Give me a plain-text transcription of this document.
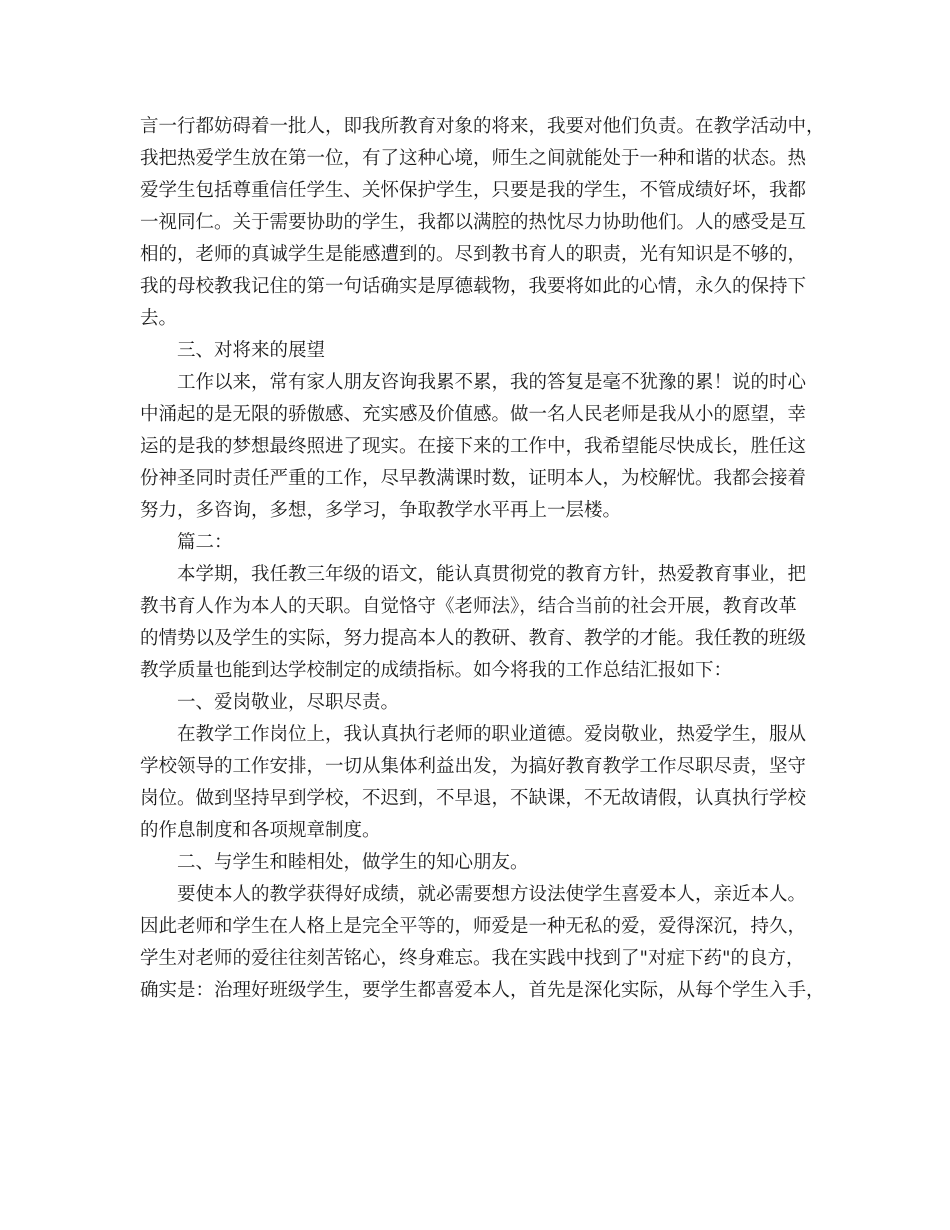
言一行都妨碍着一批人，即我所教育对象的将来，我要对他们负责。在教学活动中，
我把热爱学生放在第一位，有了这种心境，师生之间就能处于一种和谐的状态。热
爱学生包括尊重信任学生、关怀保护学生，只要是我的学生，不管成绩好坏，我都
一视同仁。关于需要协助的学生，我都以满腔的热忱尽力协助他们。人的感受是互
相的，老师的真诚学生是能感遭到的。尽到教书育人的职责，光有知识是不够的，
我的母校教我记住的第一句话确实是厚德载物，我要将如此的心情，永久的保持下
去。
三、对将来的展望
工作以来，常有家人朋友咨询我累不累，我的答复是毫不犹豫的累！说的时心
中涌起的是无限的骄傲感、充实感及价值感。做一名人民老师是我从小的愿望，幸
运的是我的梦想最终照进了现实。在接下来的工作中，我希望能尽快成长，胜任这
份神圣同时责任严重的工作，尽早教满课时数，证明本人，为校解忧。我都会接着
努力，多咨询，多想，多学习，争取教学水平再上一层楼。
篇二：
本学期，我任教三年级的语文，能认真贯彻党的教育方针，热爱教育事业，把
教书育人作为本人的天职。自觉恪守《老师法》，结合当前的社会开展，教育改革
的情势以及学生的实际，努力提高本人的教研、教育、教学的才能。我任教的班级
教学质量也能到达学校制定的成绩指标。如今将我的工作总结汇报如下：
一、爱岗敬业，尽职尽责。
在教学工作岗位上，我认真执行老师的职业道德。爱岗敬业，热爱学生，服从
学校领导的工作安排，一切从集体利益出发，为搞好教育教学工作尽职尽责，坚守
岗位。做到坚持早到学校，不迟到，不早退，不缺课，不无故请假，认真执行学校
的作息制度和各项规章制度。
二、与学生和睦相处，做学生的知心朋友。
要使本人的教学获得好成绩，就必需要想方设法使学生喜爱本人，亲近本人。
因此老师和学生在人格上是完全平等的，师爱是一种无私的爱，爱得深沉，持久，
学生对老师的爱往往刻苦铭心，终身难忘。我在实践中找到了"对症下药"的良方，
确实是：治理好班级学生，要学生都喜爱本人，首先是深化实际，从每个学生入手，
